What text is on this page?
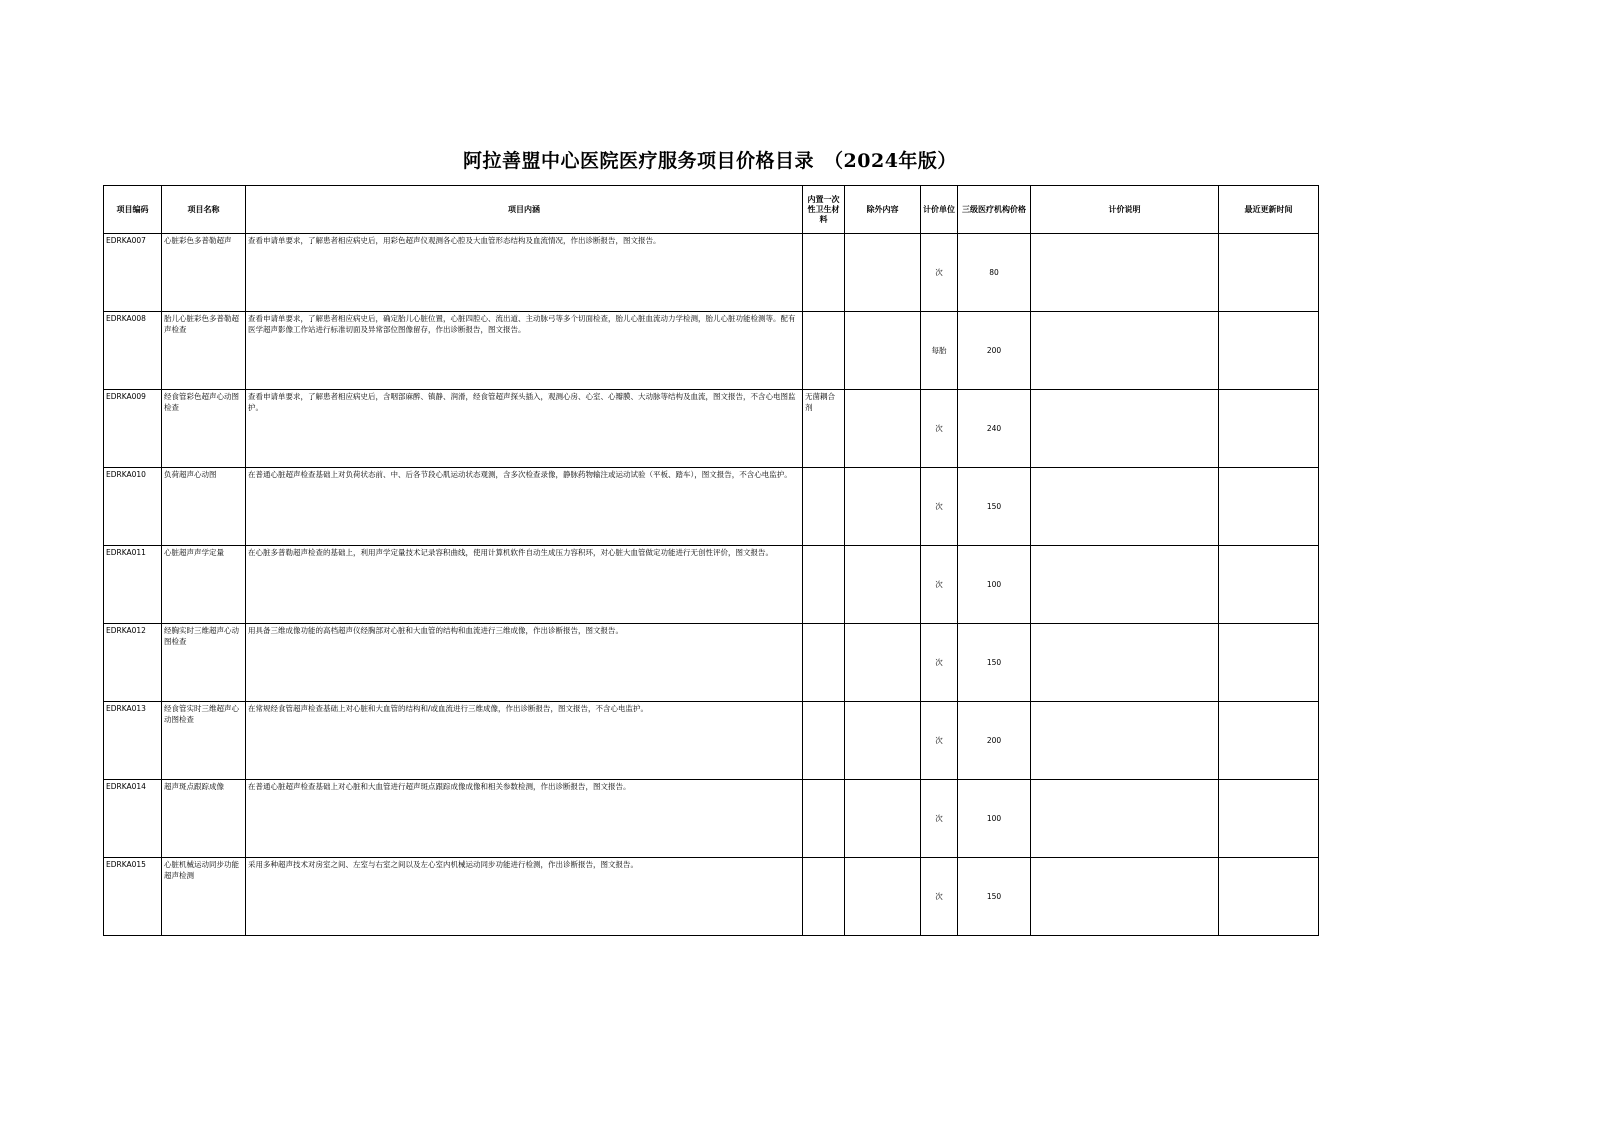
阿拉善盟中心医院医疗服务项目价格目录　（2024年版）
项目编码	项目名称	项目内涵	内置一次性卫生材料	除外内容	计价单位	三级医疗机构价格	计价说明	最近更新时间
EDRKA007	心脏彩色多普勒超声	查看申请单要求，了解患者相应病史后，用彩色超声仪观测各心腔及大血管形态结构及血流情况，作出诊断报告，图文报告。			次	80		
EDRKA008	胎儿心脏彩色多普勒超声检查	查看申请单要求，了解患者相应病史后，确定胎儿心脏位置，心脏四腔心、流出道、主动脉弓等多个切面检查，胎儿心脏血流动力学检测，胎儿心脏功能检测等。配有医学超声影像工作站进行标准切面及异常部位图像留存，作出诊断报告，图文报告。			每胎	200		
EDRKA009	经食管彩色超声心动图检查	查看申请单要求，了解患者相应病史后，含咽部麻醉、镇静、润滑，经食管超声探头插入，观测心房、心室、心瓣膜、大动脉等结构及血流，图文报告，不含心电图监护。	无菌耦合剂		次	240		
EDRKA010	负荷超声心动图	在普通心脏超声检查基础上对负荷状态前、中、后各节段心肌运动状态观测，含多次检查录像，静脉药物输注或运动试验（平板、踏车），图文报告，不含心电监护。			次	150		
EDRKA011	心脏超声声学定量	在心脏多普勒超声检查的基础上，利用声学定量技术记录容积曲线，使用计算机软件自动生成压力容积环，对心脏大血管做定功能进行无创性评价，图文报告。			次	100		
EDRKA012	经胸实时三维超声心动图检查	用具备三维成像功能的高档超声仪经胸部对心脏和大血管的结构和血流进行三维成像，作出诊断报告，图文报告。			次	150		
EDRKA013	经食管实时三维超声心动图检查	在常规经食管超声检查基础上对心脏和大血管的结构和/或血流进行三维成像，作出诊断报告，图文报告，不含心电监护。			次	200		
EDRKA014	超声斑点跟踪成像	在普通心脏超声检查基础上对心脏和大血管进行超声斑点跟踪成像成像和相关参数检测，作出诊断报告，图文报告。			次	100		
EDRKA015	心脏机械运动同步功能超声检测	采用多种超声技术对房室之间、左室与右室之间以及左心室内机械运动同步功能进行检测，作出诊断报告，图文报告。			次	150		
